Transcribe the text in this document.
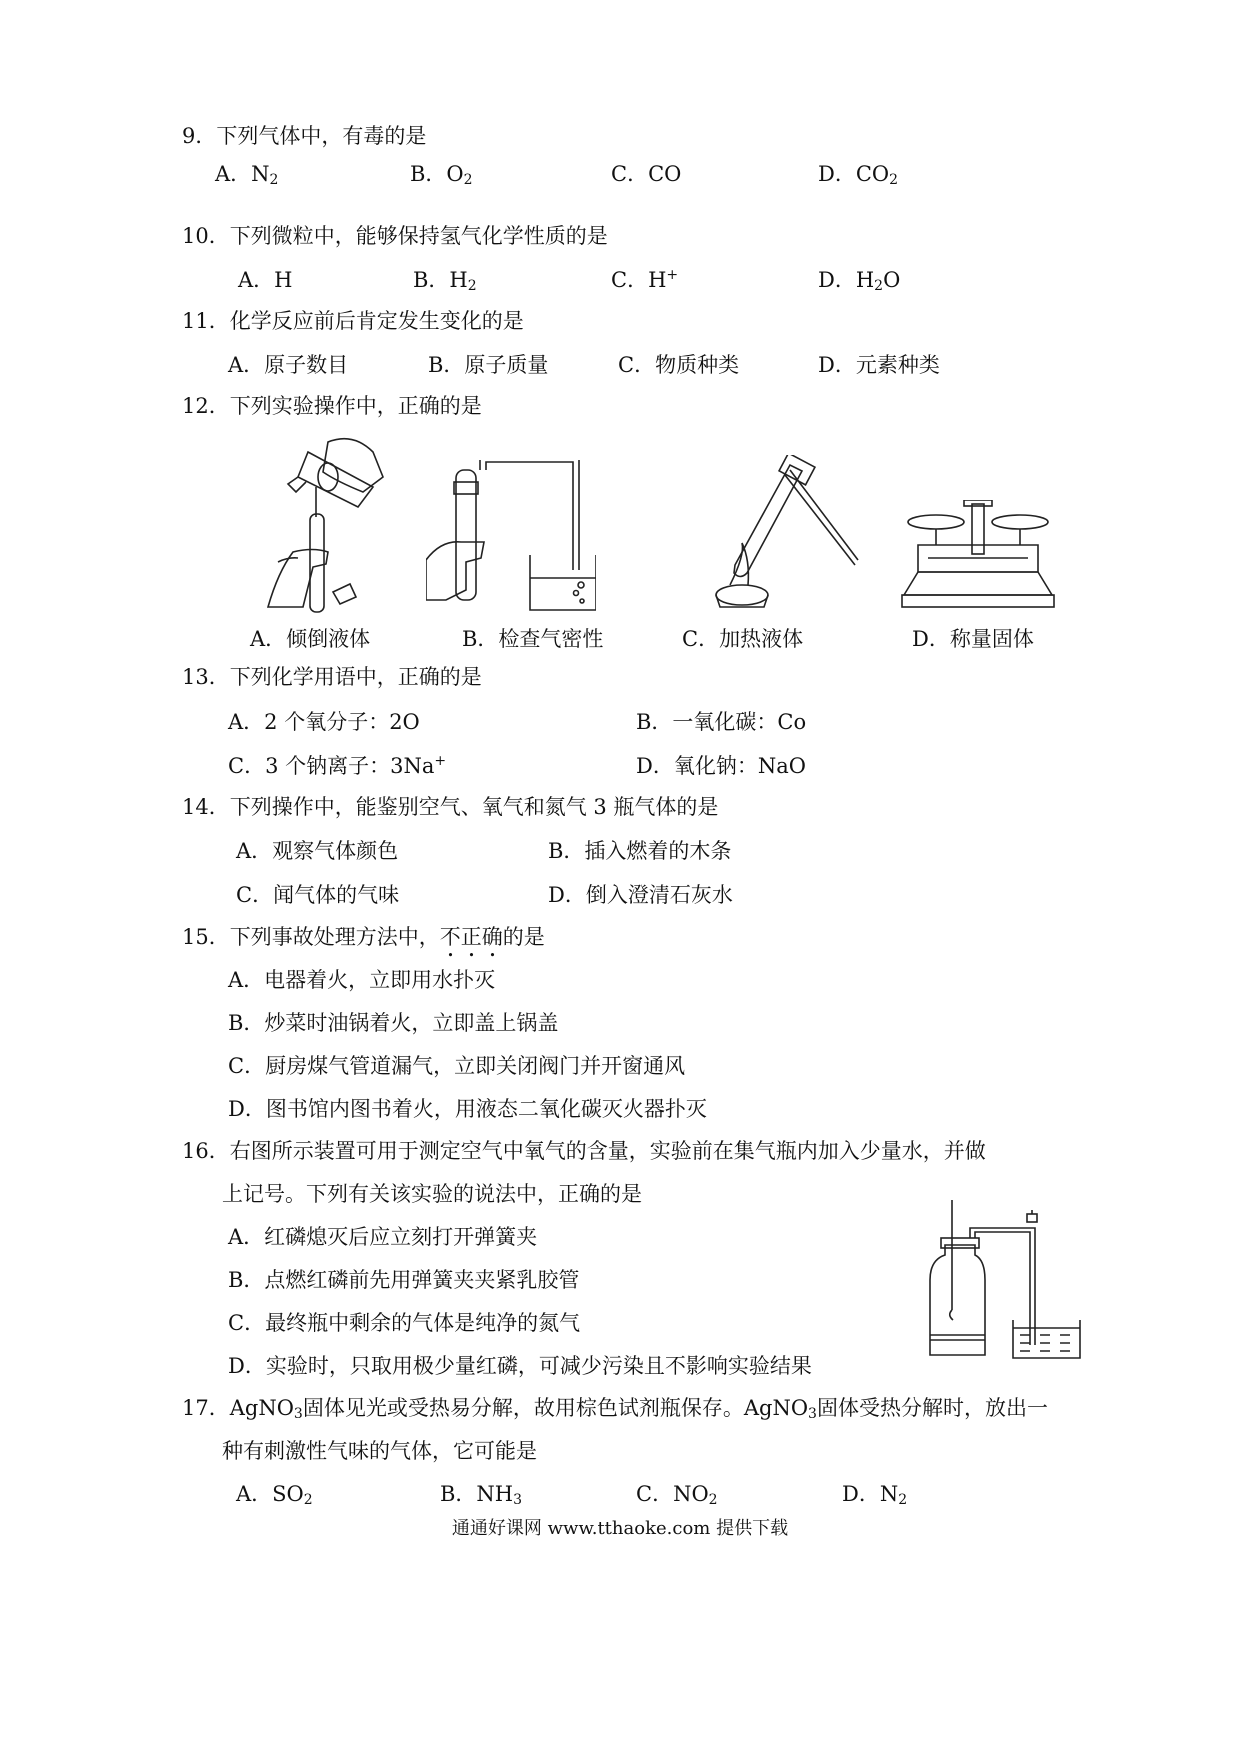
9．下列气体中，有毒的是
A．$N_2$	B．$O_2$	C．CO	D．$CO_2$
10．下列微粒中，能够保持氢气化学性质的是
A．H	B．$H_2$	C．H+	D．$H_2O$
11．化学反应前后肯定发生变化的是
A．原子数目	B．原子质量	C．物质种类	D．元素种类
12．下列实验操作中，正确的是
A．倾倒液体	B．检查气密性	C．加热液体	D．称量固体
13．下列化学用语中，正确的是
A．2 个氧分子：2O	B．一氧化碳：Co
C．3 个钠离子：3Na+	D．氧化钠：NaO
14．下列操作中，能鉴别空气、氧气和氮气 3 瓶气体的是
A．观察气体颜色	B．插入燃着的木条
C．闻气体的气味	D．倒入澄清石灰水
15．下列事故处理方法中，不正确的是
A．电器着火，立即用水扑灭
B．炒菜时油锅着火，立即盖上锅盖
C．厨房煤气管道漏气，立即关闭阀门并开窗通风
D．图书馆内图书着火，用液态二氧化碳灭火器扑灭
16．右图所示装置可用于测定空气中氧气的含量，实验前在集气瓶内加入少量水，并做
上记号。下列有关该实验的说法中，正确的是
A．红磷熄灭后应立刻打开弹簧夹
B．点燃红磷前先用弹簧夹夹紧乳胶管
C．最终瓶中剩余的气体是纯净的氮气
D．实验时，只取用极少量红磷，可减少污染且不影响实验结果
17．AgNO$_3$固体见光或受热易分解，故用棕色试剂瓶保存。AgNO$_3$固体受热分解时，放出一
种有刺激性气味的气体，它可能是
A．$SO_2$	B．$NH_3$	C．$NO_2$	D．$N_2$
通通好课网 www.tthaoke.com 提供下载
